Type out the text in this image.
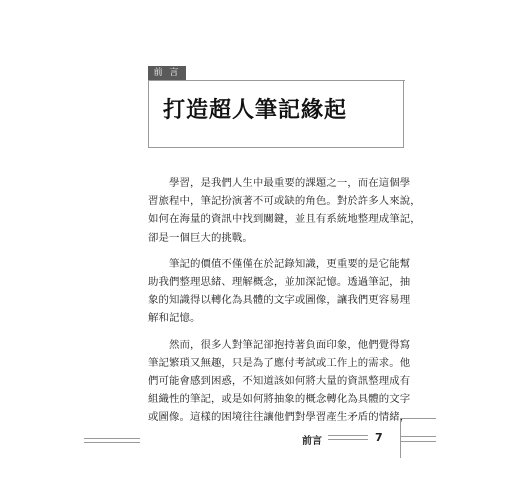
前 言
打造超人筆記緣起

　　學習，是我們人生中最重要的課題之一，而在這個學
習旅程中，筆記扮演著不可或缺的角色。對於許多人來說，
如何在海量的資訊中找到關鍵，並且有系統地整理成筆記，
卻是一個巨大的挑戰。

　　筆記的價值不僅僅在於記錄知識，更重要的是它能幫
助我們整理思緒、理解概念，並加深記憶。透過筆記，抽
象的知識得以轉化為具體的文字或圖像，讓我們更容易理
解和記憶。

　　然而，很多人對筆記卻抱持著負面印象，他們覺得寫
筆記繁瑣又無趣，只是為了應付考試或工作上的需求。他
們可能會感到困惑，不知道該如何將大量的資訊整理成有
組織性的筆記，或是如何將抽象的概念轉化為具體的文字
或圖像。這樣的困境往往讓他們對學習產生矛盾的情緒，

前言	7
